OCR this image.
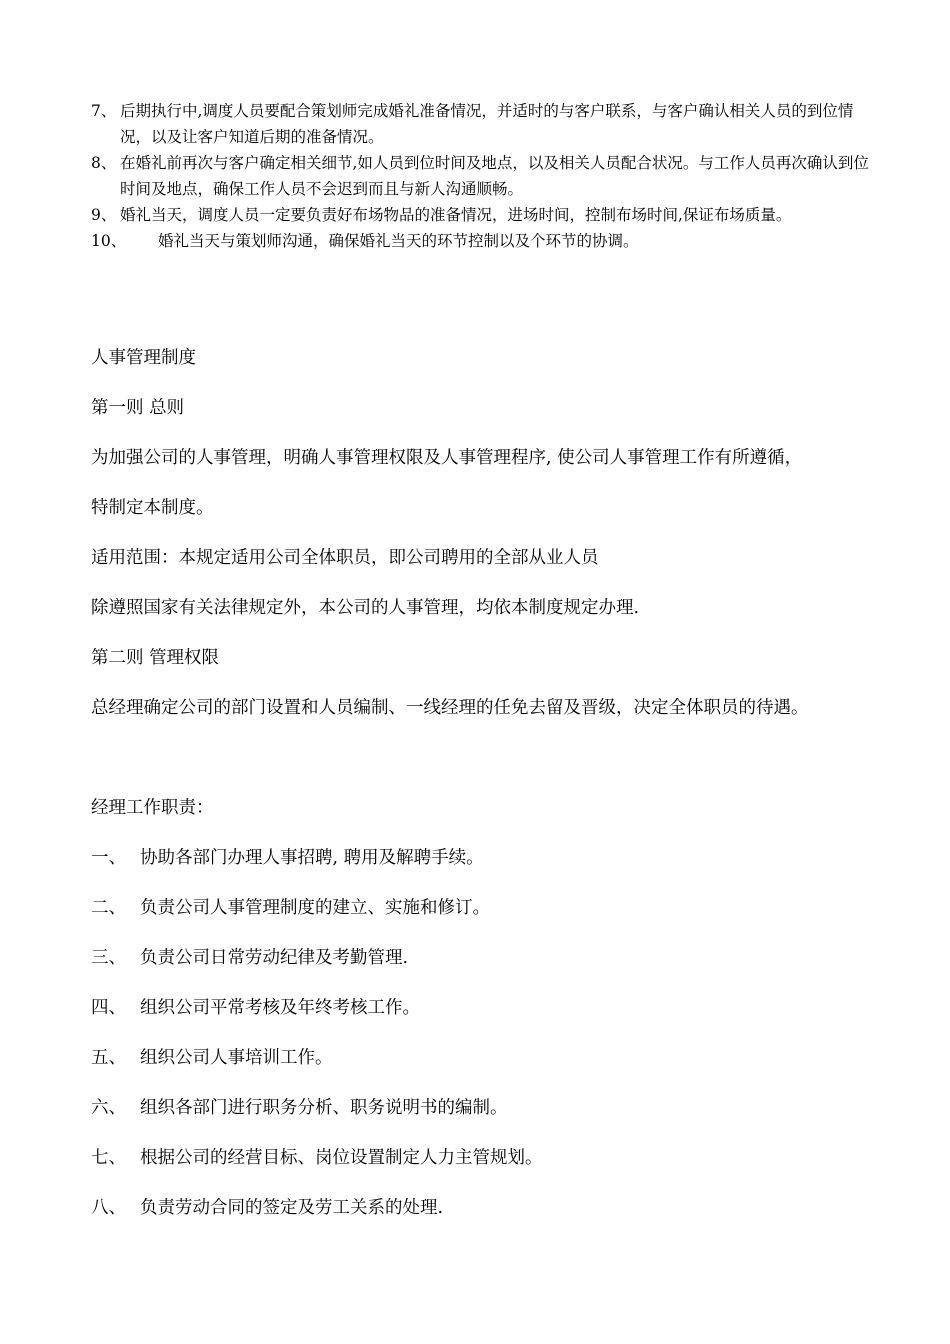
7、 后期执行中,调度人员要配合策划师完成婚礼准备情况，并适时的与客户联系，与客户确认相关人员的到位情况，以及让客户知道后期的准备情况。
8、 在婚礼前再次与客户确定相关细节,如人员到位时间及地点，以及相关人员配合状况。与工作人员再次确认到位时间及地点，确保工作人员不会迟到而且与新人沟通顺畅。
9、 婚礼当天，调度人员一定要负责好布场物品的准备情况，进场时间，控制布场时间,保证布场质量。
10、 婚礼当天与策划师沟通，确保婚礼当天的环节控制以及个环节的协调。
人事管理制度
第一则 总则
为加强公司的人事管理，明确人事管理权限及人事管理程序, 使公司人事管理工作有所遵循，
特制定本制度。
适用范围：本规定适用公司全体职员，即公司聘用的全部从业人员
除遵照国家有关法律规定外，本公司的人事管理，均依本制度规定办理.
第二则 管理权限
总经理确定公司的部门设置和人员编制、一线经理的任免去留及晋级，决定全体职员的待遇。
经理工作职责：
一、 协助各部门办理人事招聘, 聘用及解聘手续。
二、 负责公司人事管理制度的建立、实施和修订。
三、 负责公司日常劳动纪律及考勤管理.
四、 组织公司平常考核及年终考核工作。
五、 组织公司人事培训工作。
六、 组织各部门进行职务分析、职务说明书的编制。
七、 根据公司的经营目标、岗位设置制定人力主管规划。
八、 负责劳动合同的签定及劳工关系的处理.
